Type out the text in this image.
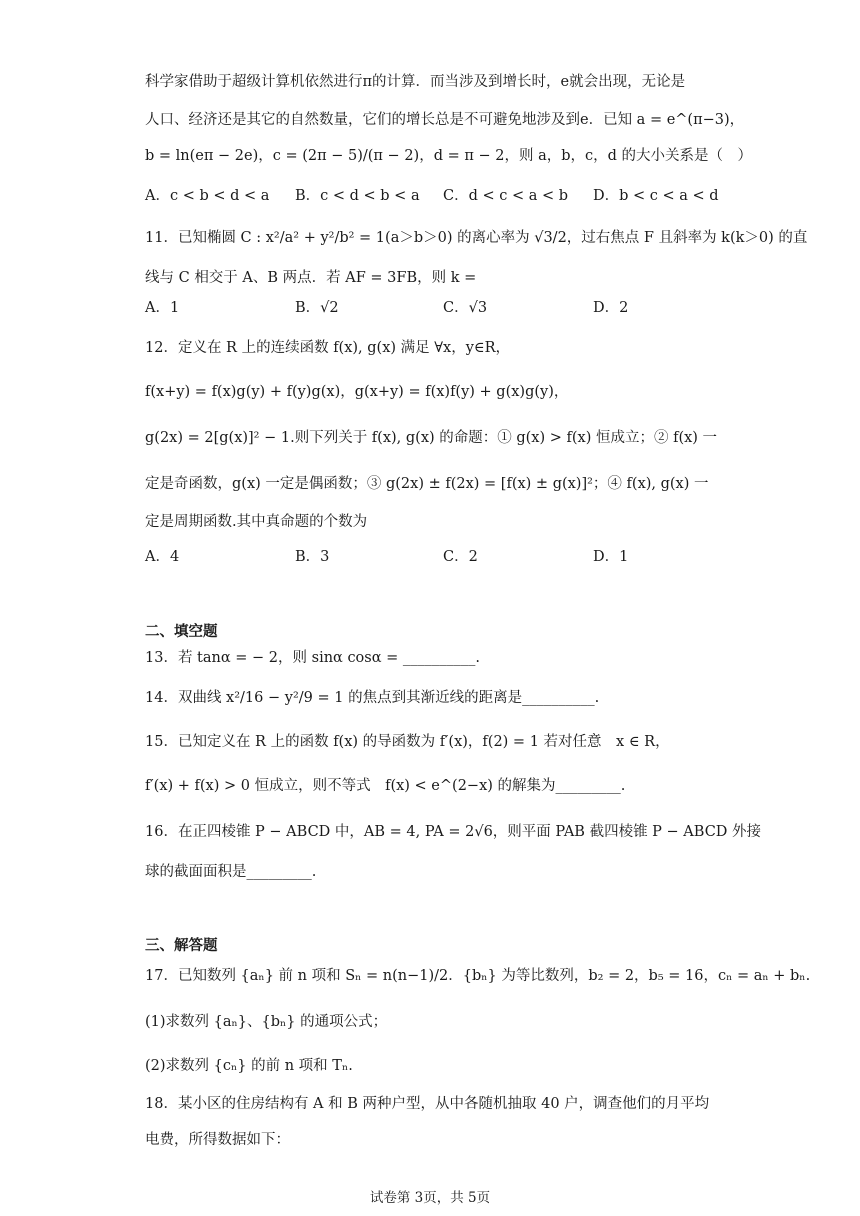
科学家借助于超级计算机依然进行π的计算．而当涉及到增长时，e就会出现，无论是
人口、经济还是其它的自然数量，它们的增长总是不可避免地涉及到e．已知 a = e^(π−3)，
b = ln(eπ − 2e)，c = (2π − 5)/(π − 2)，d = π − 2，则 a，b，c，d 的大小关系是（　）
A．c < b < d < a B．c < d < b < a C．d < c < a < b D．b < c < a < d
11．已知椭圆 C : x²/a² + y²/b² = 1(a＞b＞0) 的离心率为 √3/2，过右焦点 F 且斜率为 k(k＞0) 的直
线与 C 相交于 A、B 两点．若 AF = 3FB，则 k =
A．1	B．√2	C．√3	D．2
12．定义在 R 上的连续函数 f(x), g(x) 满足 ∀x，y∈R，
f(x+y) = f(x)g(y) + f(y)g(x)，g(x+y) = f(x)f(y) + g(x)g(y)，
g(2x) = 2[g(x)]² − 1.则下列关于 f(x), g(x) 的命题：① g(x) > f(x) 恒成立；② f(x) 一
定是奇函数，g(x) 一定是偶函数；③ g(2x) ± f(2x) = [f(x) ± g(x)]²；④ f(x), g(x) 一
定是周期函数.其中真命题的个数为
A．4	B．3	C．2	D．1
二、填空题
13．若 tanα = − 2，则 sinα cosα = __________.
14．双曲线 x²/16 − y²/9 = 1 的焦点到其渐近线的距离是__________.
15．已知定义在 R 上的函数 f(x) 的导函数为 f′(x)，f(2) = 1 若对任意　x ∈ R，
f′(x) + f(x) > 0 恒成立，则不等式　f(x) < e^(2−x) 的解集为_________.
16．在正四棱锥 P − ABCD 中，AB = 4, PA = 2√6，则平面 PAB 截四棱锥 P − ABCD 外接
球的截面面积是_________.
三、解答题
17．已知数列 {aₙ} 前 n 项和 Sₙ = n(n−1)/2．{bₙ} 为等比数列，b₂ = 2，b₅ = 16，cₙ = aₙ + bₙ.
(1)求数列 {aₙ}、{bₙ} 的通项公式；
(2)求数列 {cₙ} 的前 n 项和 Tₙ.
18．某小区的住房结构有 A 和 B 两种户型，从中各随机抽取 40 户，调查他们的月平均
电费，所得数据如下：
试卷第 3页，共 5页
